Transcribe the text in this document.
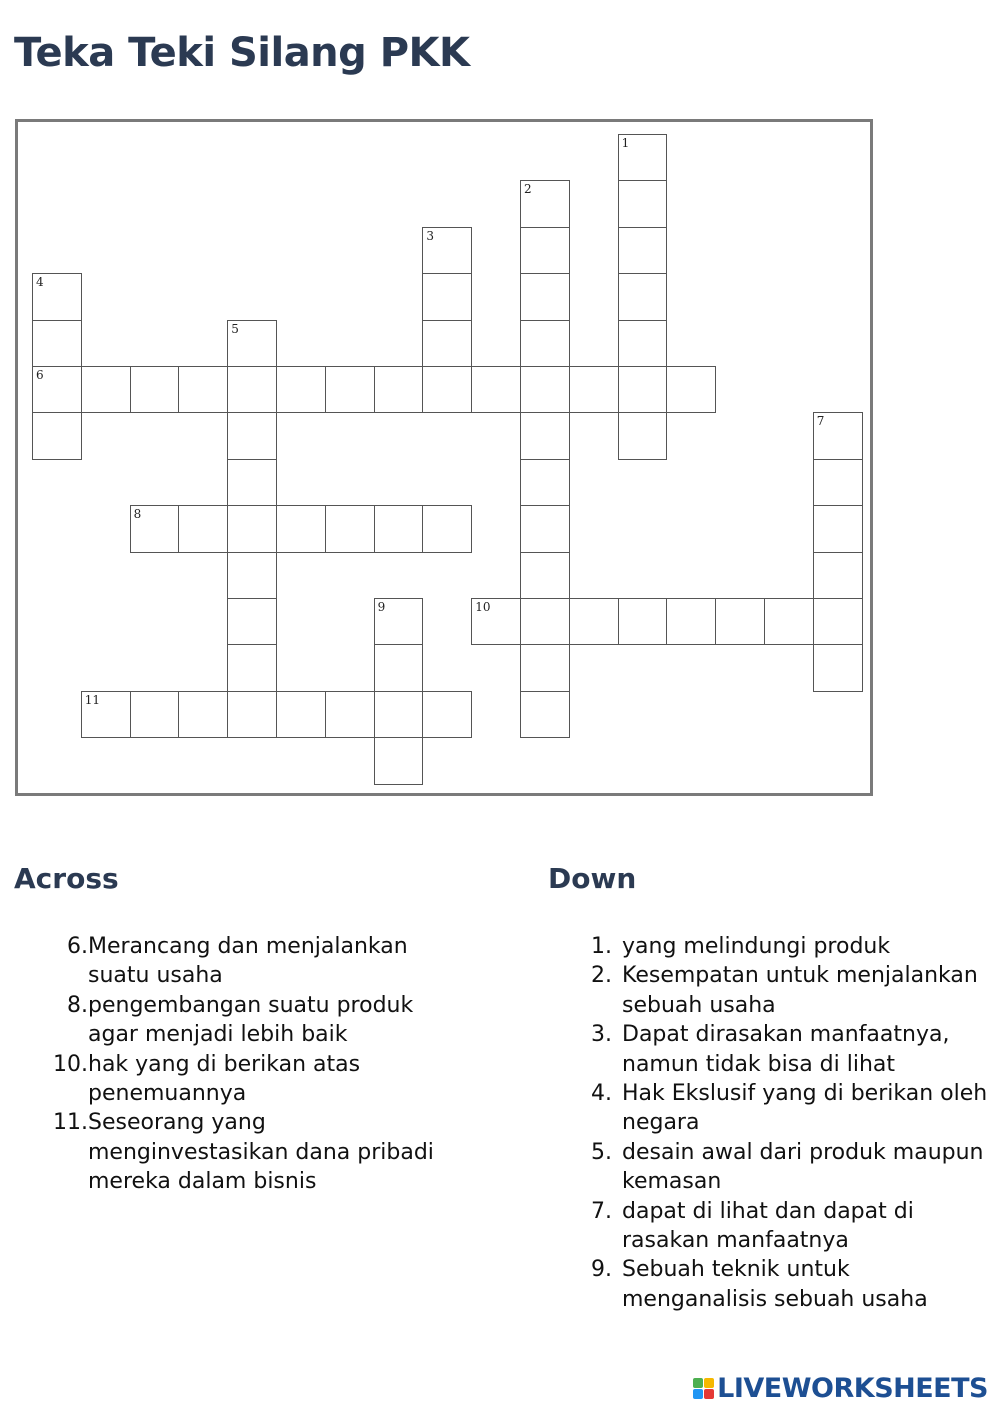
Teka Teki Silang PKK
1
2
3
4
6
5
7
8
9	10
11
Across
6. Merancang dan menjalankan suatu usaha
8. pengembangan suatu produk agar menjadi lebih baik
10. hak yang di berikan atas penemuannya
11. Seseorang yang menginvestasikan dana pribadi mereka dalam bisnis
Down
1. yang melindungi produk
2. Kesempatan untuk menjalankan sebuah usaha
3. Dapat dirasakan manfaatnya, namun tidak bisa di lihat
4. Hak Ekslusif yang di berikan oleh negara
5. desain awal dari produk maupun kemasan
7. dapat di lihat dan dapat di rasakan manfaatnya
9. Sebuah teknik untuk menganalisis sebuah usaha
LIVEWORKSHEETS
